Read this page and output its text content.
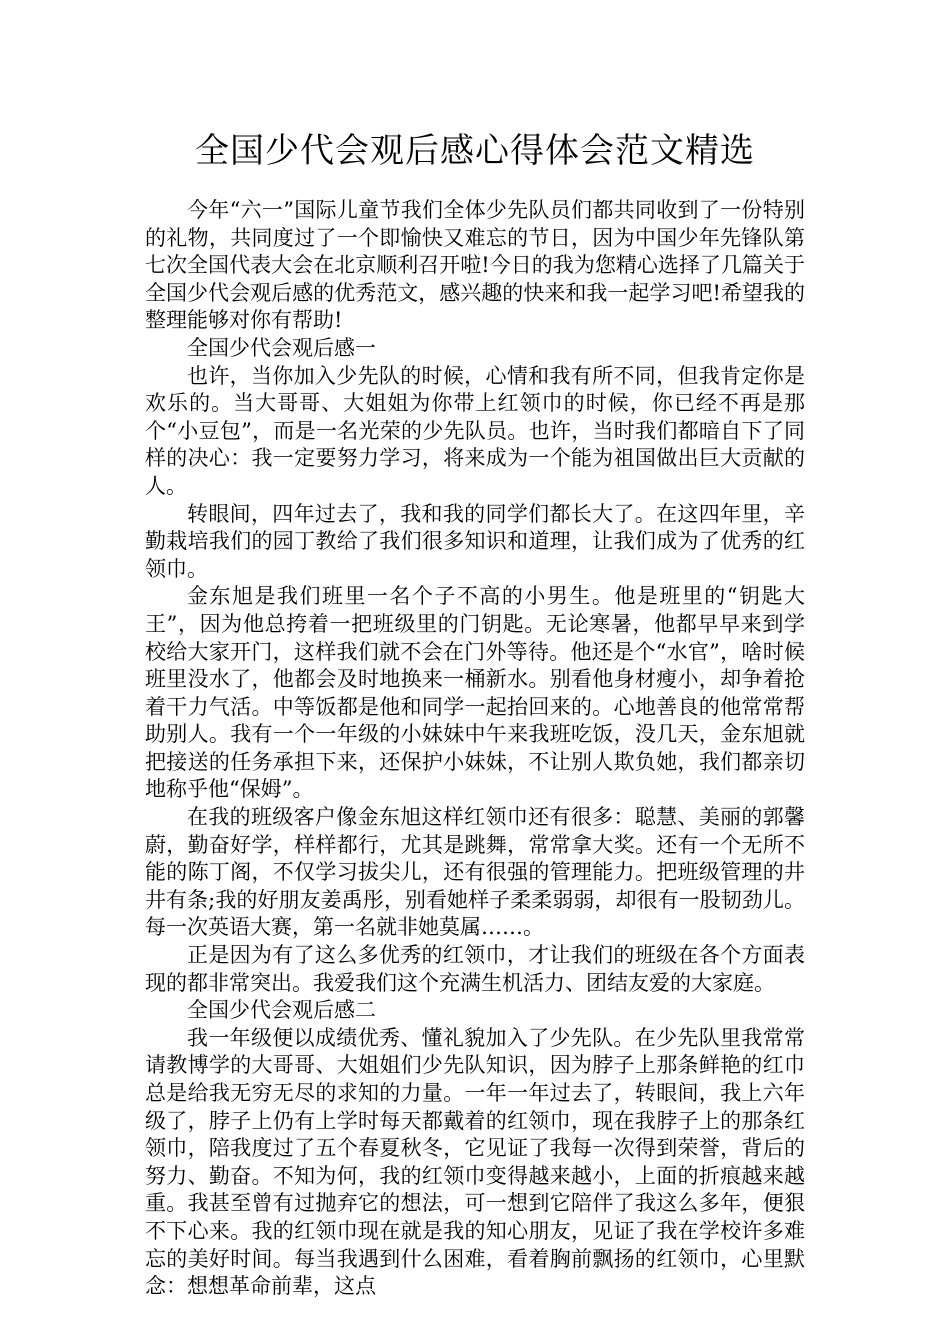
全国少代会观后感心得体会范文精选

今年“六一”国际儿童节我们全体少先队员们都共同收到了一份特别的礼物，共同度过了一个即愉快又难忘的节日，因为中国少年先锋队第七次全国代表大会在北京顺利召开啦!今日的我为您精心选择了几篇关于全国少代会观后感的优秀范文，感兴趣的快来和我一起学习吧!希望我的整理能够对你有帮助!

全国少代会观后感一

也许，当你加入少先队的时候，心情和我有所不同，但我肯定你是欢乐的。当大哥哥、大姐姐为你带上红领巾的时候，你已经不再是那个“小豆包”，而是一名光荣的少先队员。也许，当时我们都暗自下了同样的决心：我一定要努力学习，将来成为一个能为祖国做出巨大贡献的人。

转眼间，四年过去了，我和我的同学们都长大了。在这四年里，辛勤栽培我们的园丁教给了我们很多知识和道理，让我们成为了优秀的红领巾。

金东旭是我们班里一名个子不高的小男生。他是班里的“钥匙大王”，因为他总挎着一把班级里的门钥匙。无论寒暑，他都早早来到学校给大家开门，这样我们就不会在门外等待。他还是个“水官”，啥时候班里没水了，他都会及时地换来一桶新水。别看他身材瘦小，却争着抢着干力气活。中等饭都是他和同学一起抬回来的。心地善良的他常常帮助别人。我有一个一年级的小妹妹中午来我班吃饭，没几天，金东旭就把接送的任务承担下来，还保护小妹妹，不让别人欺负她，我们都亲切地称乎他“保姆”。

在我的班级客户像金东旭这样红领巾还有很多：聪慧、美丽的郭馨蔚，勤奋好学，样样都行，尤其是跳舞，常常拿大奖。还有一个无所不能的陈丁阁，不仅学习拔尖儿，还有很强的管理能力。把班级管理的井井有条;我的好朋友姜禹彤，别看她样子柔柔弱弱，却很有一股韧劲儿。每一次英语大赛，第一名就非她莫属……。

正是因为有了这么多优秀的红领巾，才让我们的班级在各个方面表现的都非常突出。我爱我们这个充满生机活力、团结友爱的大家庭。

全国少代会观后感二

我一年级便以成绩优秀、懂礼貌加入了少先队。在少先队里我常常请教博学的大哥哥、大姐姐们少先队知识，因为脖子上那条鲜艳的红巾总是给我无穷无尽的求知的力量。一年一年过去了，转眼间，我上六年级了，脖子上仍有上学时每天都戴着的红领巾，现在我脖子上的那条红领巾，陪我度过了五个春夏秋冬，它见证了我每一次得到荣誉，背后的努力、勤奋。不知为何，我的红领巾变得越来越小，上面的折痕越来越重。我甚至曾有过抛弃它的想法，可一想到它陪伴了我这么多年，便狠不下心来。我的红领巾现在就是我的知心朋友，见证了我在学校许多难忘的美好时间。每当我遇到什么困难，看着胸前飘扬的红领巾，心里默念：想想革命前辈，这点
